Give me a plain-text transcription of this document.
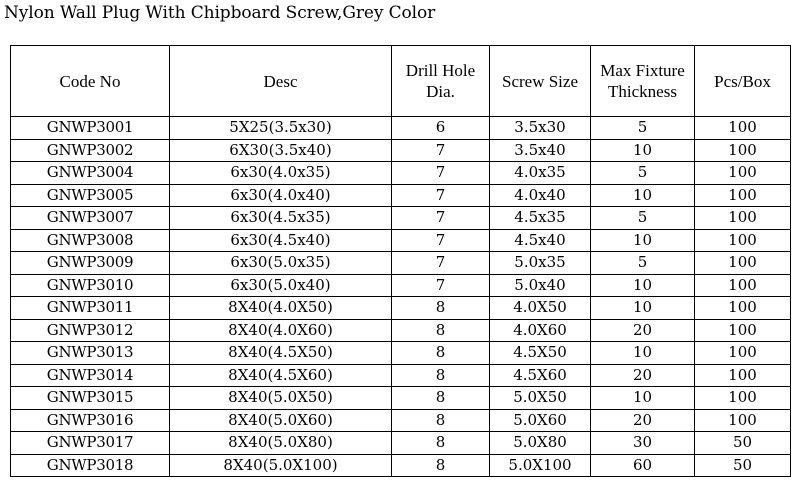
Nylon Wall Plug With Chipboard Screw,Grey Color
Code No	Desc	Drill Hole Dia.	Screw Size	Max Fixture Thickness	Pcs/Box

GNWP3001	5X25(3.5x30)	6	3.5x30	5	100
GNWP3002	6X30(3.5x40)	7	3.5x40	10	100
GNWP3004	6x30(4.0x35)	7	4.0x35	5	100
GNWP3005	6x30(4.0x40)	7	4.0x40	10	100
GNWP3007	6x30(4.5x35)	7	4.5x35	5	100
GNWP3008	6x30(4.5x40)	7	4.5x40	10	100
GNWP3009	6x30(5.0x35)	7	5.0x35	5	100
GNWP3010	6x30(5.0x40)	7	5.0x40	10	100
GNWP3011	8X40(4.0X50)	8	4.0X50	10	100
GNWP3012	8X40(4.0X60)	8	4.0X60	20	100
GNWP3013	8X40(4.5X50)	8	4.5X50	10	100
GNWP3014	8X40(4.5X60)	8	4.5X60	20	100
GNWP3015	8X40(5.0X50)	8	5.0X50	10	100
GNWP3016	8X40(5.0X60)	8	5.0X60	20	100
GNWP3017	8X40(5.0X80)	8	5.0X80	30	50
GNWP3018	8X40(5.0X100)	8	5.0X100	60	50
